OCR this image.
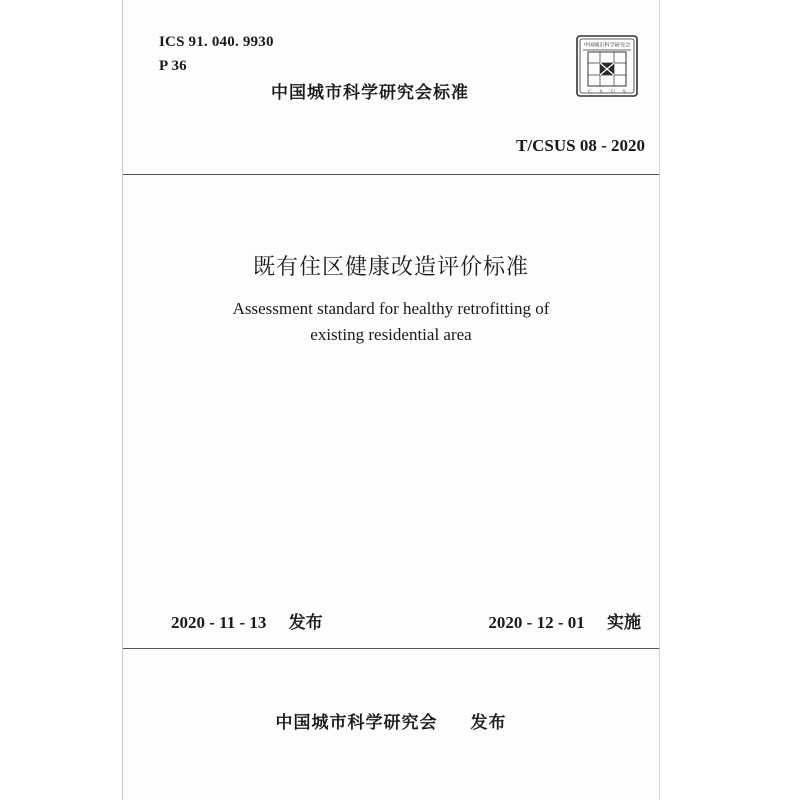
ICS 91. 040. 9930
P 36
中国城市科学研究会标准
中国城市科学研究会
C S U S
T/CSUS 08 - 2020
既有住区健康改造评价标准
Assessment standard for healthy retrofitting of
existing residential area
2020 - 11 - 13 发布	2020 - 12 - 01 实施
中国城市科学研究会 发布
